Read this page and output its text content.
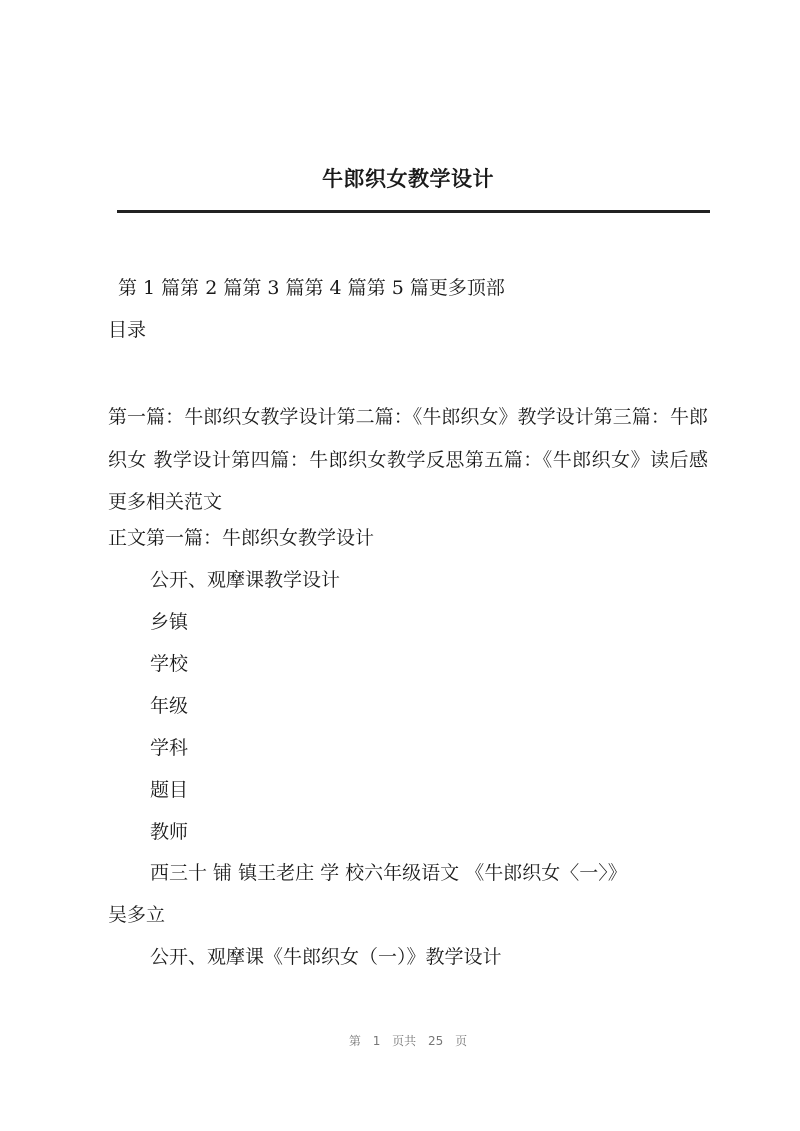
牛郎织女教学设计
第 1 篇第 2 篇第 3 篇第 4 篇第 5 篇更多顶部
目录

第一篇：牛郎织女教学设计第二篇：《牛郎织女》教学设计第三篇：牛郎织女 教学设计第四篇：牛郎织女教学反思第五篇：《牛郎织女》读后感更多相关范文

正文第一篇：牛郎织女教学设计
公开、观摩课教学设计
乡镇
学校
年级
学科
题目
教师
西三十 铺 镇王老庄 学 校六年级语文 《牛郎织女〈一〉》
吴多立
公开、观摩课《牛郎织女（一）》教学设计
第 1 页共 25 页
